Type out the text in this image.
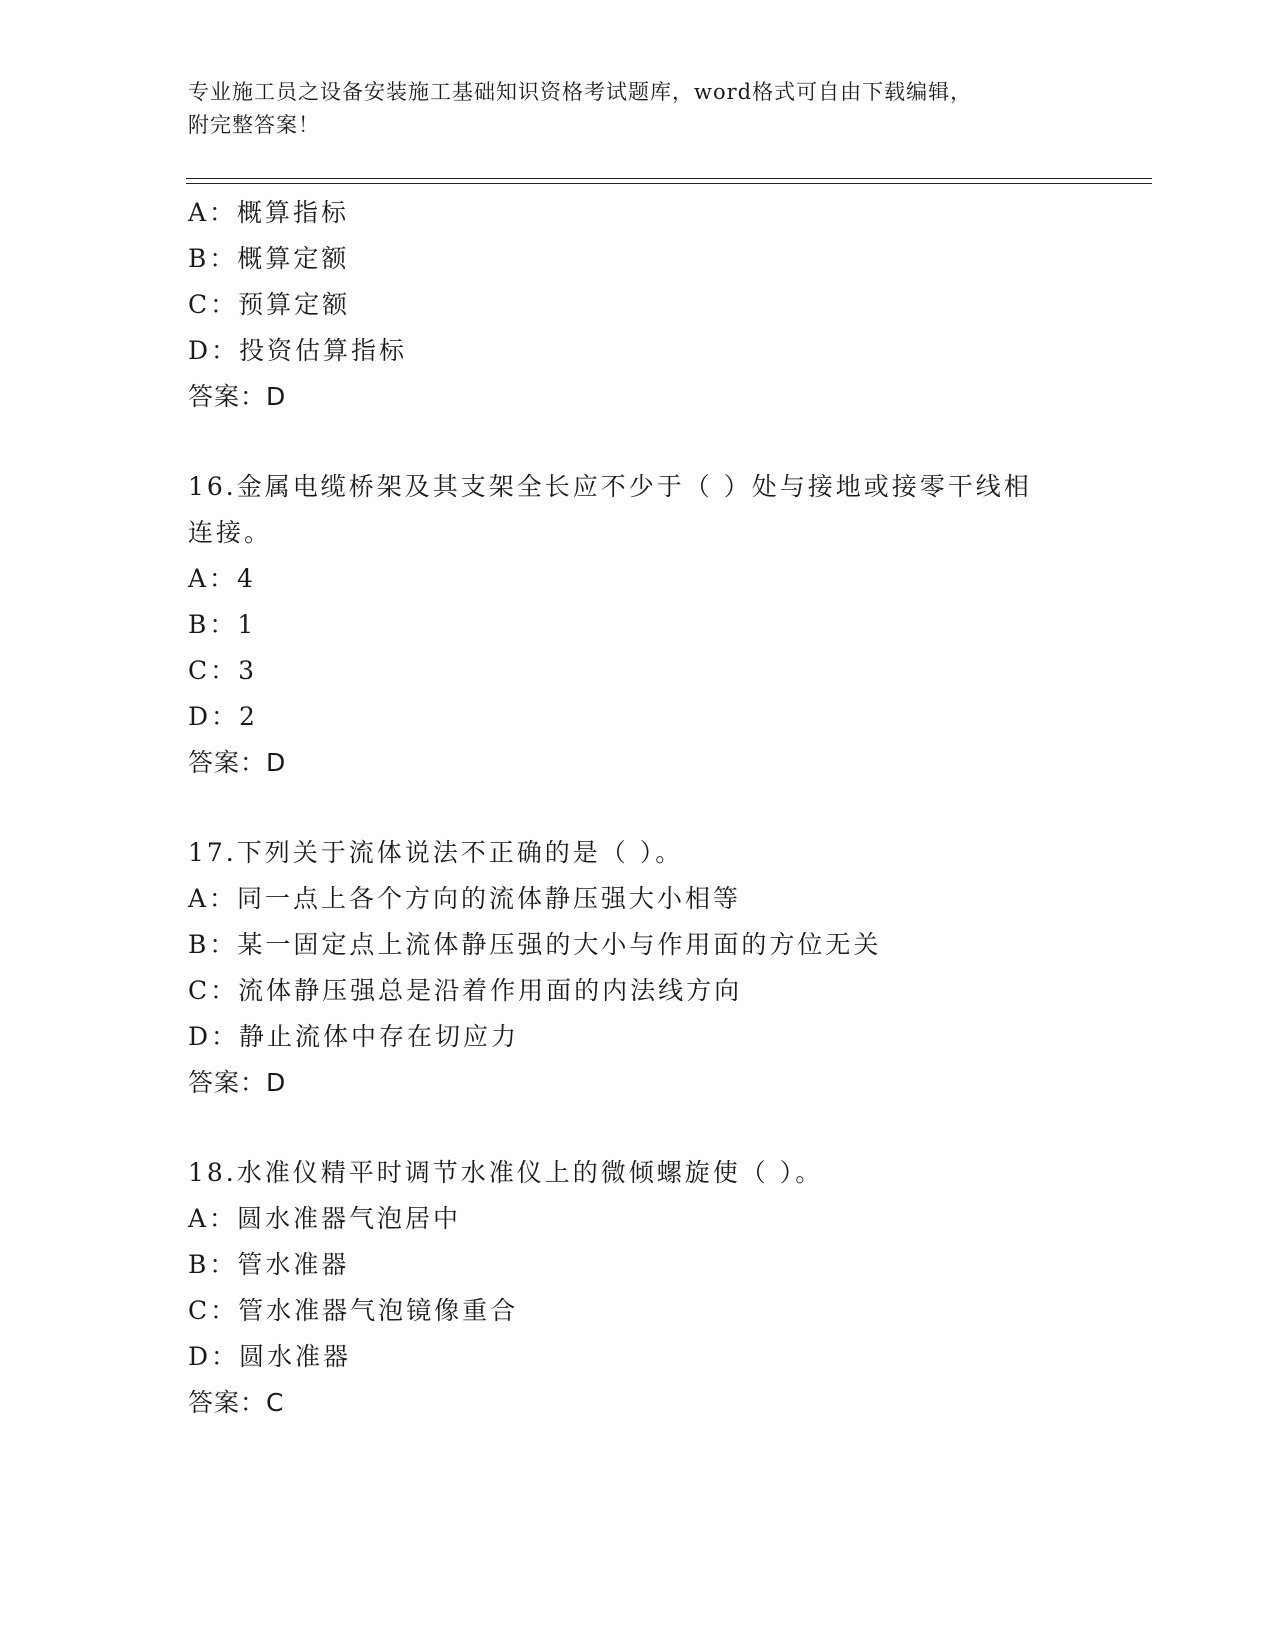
专业施工员之设备安装施工基础知识资格考试题库，word格式可自由下载编辑，
附完整答案！
A：概算指标
B：概算定额
C：预算定额
D：投资估算指标
答案：D
16.金属电缆桥架及其支架全长应不少于（ ）处与接地或接零干线相
连接。
A：4
B：1
C：3
D：2
答案：D
17.下列关于流体说法不正确的是（ ）。
A：同一点上各个方向的流体静压强大小相等
B：某一固定点上流体静压强的大小与作用面的方位无关
C：流体静压强总是沿着作用面的内法线方向
D：静止流体中存在切应力
答案：D
18.水准仪精平时调节水准仪上的微倾螺旋使（ ）。
A：圆水准器气泡居中
B：管水准器
C：管水准器气泡镜像重合
D：圆水准器
答案：C
